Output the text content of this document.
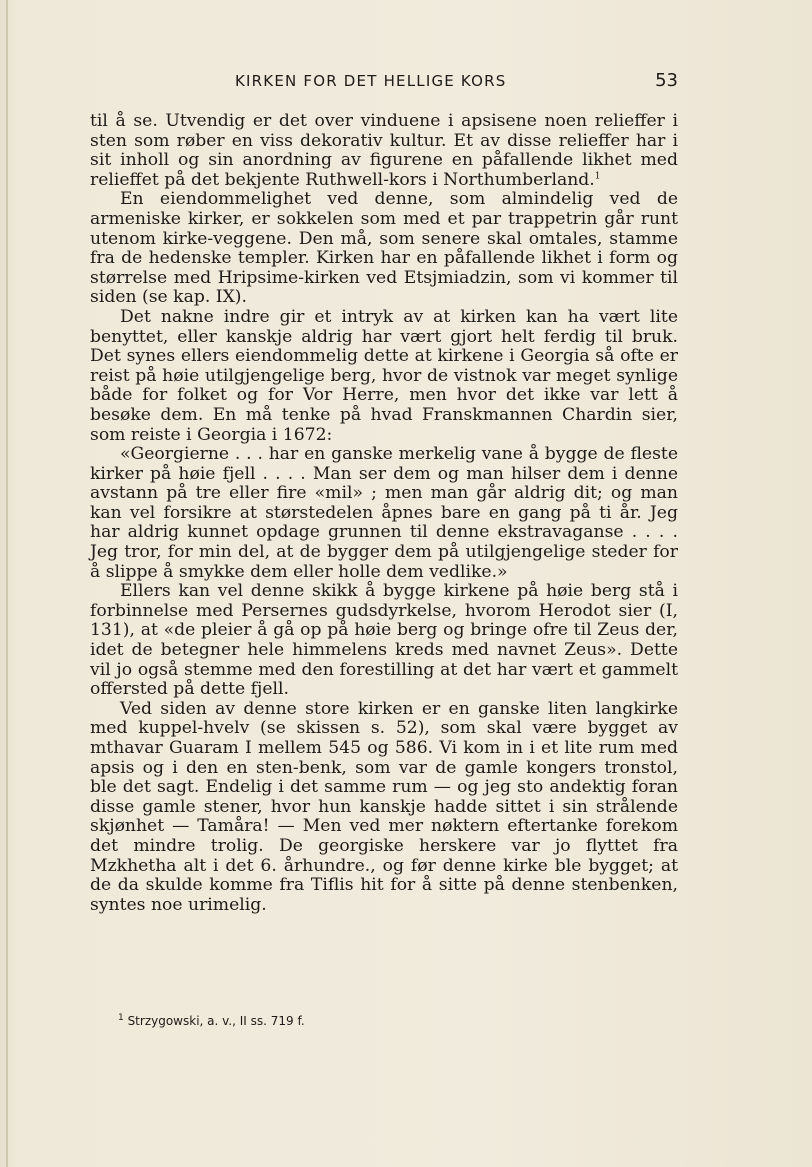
KIRKEN FOR DET HELLIGE KORS	53

til å se. Utvendig er det over vinduene i apsisene noen relieffer i sten som røber en viss dekorativ kultur. Et av disse relieffer har i sit inholl og sin anordning av figurene en påfallende likhet med relieffet på det bekjente Ruthwell-kors i Northumberland.$^1$

En eiendommelighet ved denne, som almindelig ved de armeniske kirker, er sokkelen som med et par trappetrin går runt utenom kirke-veggene. Den må, som senere skal omtales, stamme fra de hedenske templer. Kirken har en påfallende likhet i form og størrelse med Hripsime-kirken ved Etsjmiadzin, som vi kommer til siden (se kap. IX).

Det nakne indre gir et intryk av at kirken kan ha vært lite benyttet, eller kanskje aldrig har vært gjort helt ferdig til bruk. Det synes ellers eiendommelig dette at kirkene i Georgia så ofte er reist på høie utilgjengelige berg, hvor de vistnok var meget synlige både for folket og for Vor Herre, men hvor det ikke var lett å besøke dem. En må tenke på hvad Franskmannen Chardin sier, som reiste i Georgia i 1672:

«Georgierne . . . har en ganske merkelig vane å bygge de fleste kirker på høie fjell . . . . Man ser dem og man hilser dem i denne avstann på tre eller fire «mil» ; men man går aldrig dit; og man kan vel forsikre at størstedelen åpnes bare en gang på ti år. Jeg har aldrig kunnet opdage grunnen til denne ekstravaganse . . . . Jeg tror, for min del, at de bygger dem på utilgjengelige steder for å slippe å smykke dem eller holle dem vedlike.»

Ellers kan vel denne skikk å bygge kirkene på høie berg stå i forbinnelse med Persernes gudsdyrkelse, hvorom Herodot sier (I, 131), at «de pleier å gå op på høie berg og bringe ofre til Zeus der, idet de betegner hele himmelens kreds med navnet Zeus». Dette vil jo også stemme med den forestilling at det har vært et gammelt offersted på dette fjell.

Ved siden av denne store kirken er en ganske liten langkirke med kuppel-hvelv (se skissen s. 52), som skal være bygget av mthavar Guaram I mellem 545 og 586. Vi kom in i et lite rum med apsis og i den en sten-benk, som var de gamle kongers tronstol, ble det sagt. Endelig i det samme rum — og jeg sto andektig foran disse gamle stener, hvor hun kanskje hadde sittet i sin strålende skjønhet — Tamåra! — Men ved mer nøktern eftertanke forekom det mindre trolig. De georgiske herskere var jo flyttet fra Mzkhetha alt i det 6. århundre., og før denne kirke ble bygget; at de da skulde komme fra Tiflis hit for å sitte på denne stenbenken, syntes noe urimelig.

$^1$ Strzygowski, a. v., II ss. 719 f.
